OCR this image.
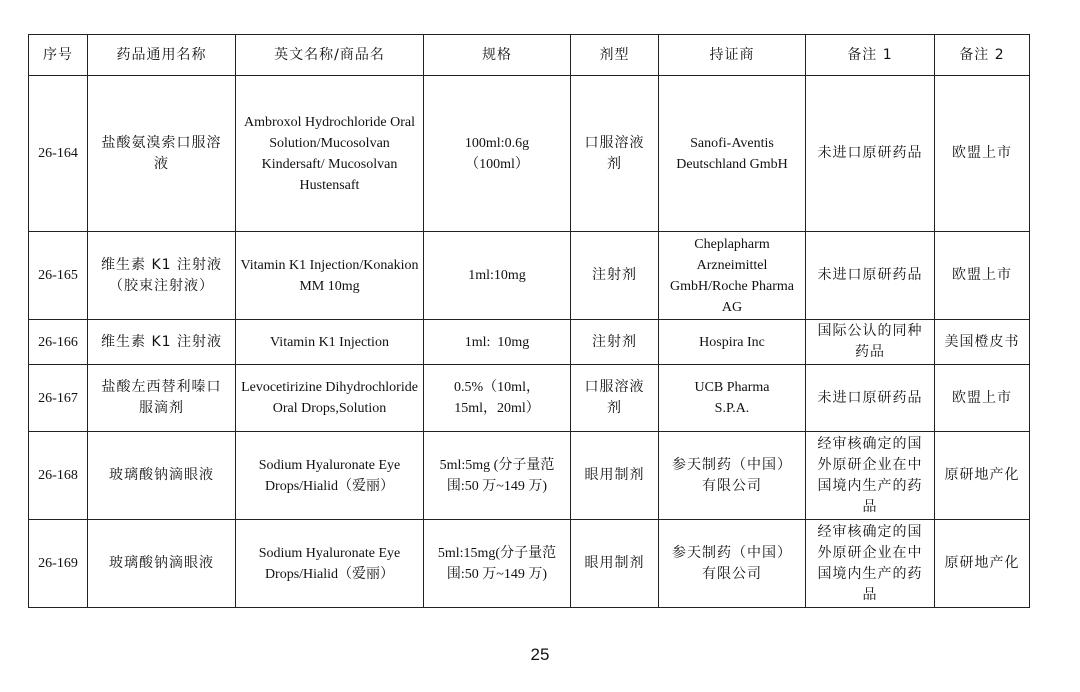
序号	药品通用名称	英文名称/商品名	规格	剂型	持证商	备注 1	备注 2
26-164	盐酸氨溴索口服溶液	Ambroxol Hydrochloride Oral Solution/Mucosolvan Kindersaft/ Mucosolvan Hustensaft	100ml:0.6g（100ml）	口服溶液剂	Sanofi-Aventis Deutschland GmbH	未进口原研药品	欧盟上市
26-165	维生素 K1 注射液（胶束注射液）	Vitamin K1 Injection/Konakion MM 10mg	1ml:10mg	注射剂	Cheplapharm Arzneimittel GmbH/Roche Pharma AG	未进口原研药品	欧盟上市
26-166	维生素 K1 注射液	Vitamin K1 Injection	1ml:  10mg	注射剂	Hospira Inc	国际公认的同种药品	美国橙皮书
26-167	盐酸左西替利嗪口服滴剂	Levocetirizine Dihydrochloride Oral Drops,Solution	0.5%（10ml，15ml，20ml）	口服溶液剂	UCB Pharma S.P.A.	未进口原研药品	欧盟上市
26-168	玻璃酸钠滴眼液	Sodium Hyaluronate Eye Drops/Hialid（爱丽）	5ml:5mg (分子量范围:50 万~149 万)	眼用制剂	参天制药（中国）有限公司	经审核确定的国外原研企业在中国境内生产的药品	原研地产化
26-169	玻璃酸钠滴眼液	Sodium Hyaluronate Eye Drops/Hialid（爱丽）	5ml:15mg(分子量范围:50 万~149 万)	眼用制剂	参天制药（中国）有限公司	经审核确定的国外原研企业在中国境内生产的药品	原研地产化
25
